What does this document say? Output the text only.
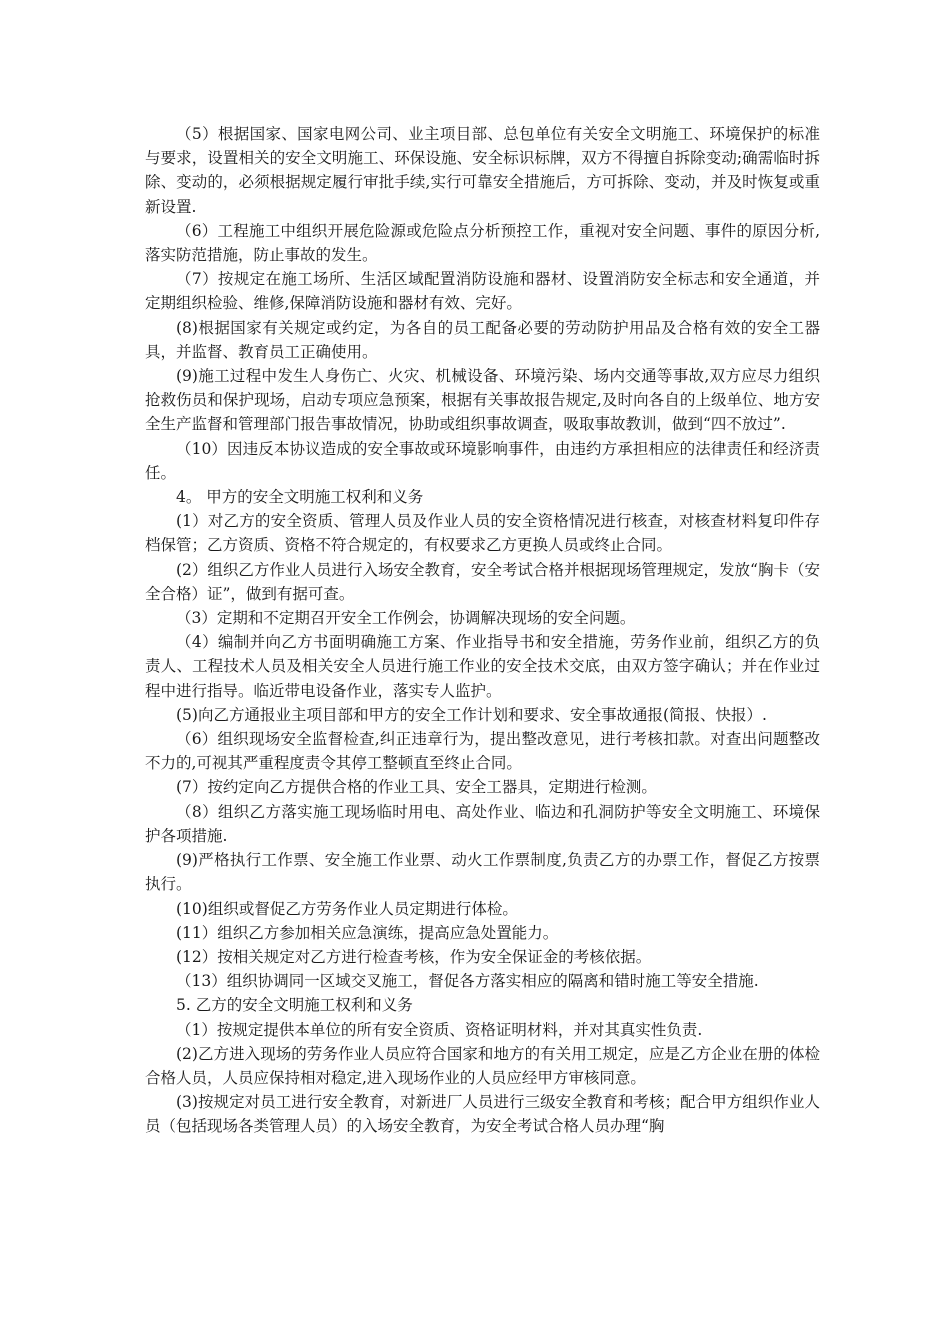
（5）根据国家、国家电网公司、业主项目部、总包单位有关安全文明施工、环境保护的标准与要求，设置相关的安全文明施工、环保设施、安全标识标牌，双方不得擅自拆除变动;确需临时拆除、变动的，必须根据规定履行审批手续,实行可靠安全措施后，方可拆除、变动，并及时恢复或重新设置.

（6）工程施工中组织开展危险源或危险点分析预控工作，重视对安全问题、事件的原因分析,落实防范措施，防止事故的发生。

（7）按规定在施工场所、生活区域配置消防设施和器材、设置消防安全标志和安全通道，并定期组织检验、维修,保障消防设施和器材有效、完好。

(8)根据国家有关规定或约定，为各自的员工配备必要的劳动防护用品及合格有效的安全工器具，并监督、教育员工正确使用。

(9)施工过程中发生人身伤亡、火灾、机械设备、环境污染、场内交通等事故,双方应尽力组织抢救伤员和保护现场，启动专项应急预案，根据有关事故报告规定,及时向各自的上级单位、地方安全生产监督和管理部门报告事故情况，协助或组织事故调查，吸取事故教训，做到“四不放过”.

（10）因违反本协议造成的安全事故或环境影响事件，由违约方承担相应的法律责任和经济责任。

4。 甲方的安全文明施工权利和义务

(1）对乙方的安全资质、管理人员及作业人员的安全资格情况进行核查，对核查材料复印件存档保管；乙方资质、资格不符合规定的，有权要求乙方更换人员或终止合同。

(2）组织乙方作业人员进行入场安全教育，安全考试合格并根据现场管理规定，发放“胸卡（安全合格）证”，做到有据可查。

（3）定期和不定期召开安全工作例会，协调解决现场的安全问题。

（4）编制并向乙方书面明确施工方案、作业指导书和安全措施，劳务作业前，组织乙方的负责人、工程技术人员及相关安全人员进行施工作业的安全技术交底，由双方签字确认；并在作业过程中进行指导。临近带电设备作业，落实专人监护。

(5)向乙方通报业主项目部和甲方的安全工作计划和要求、安全事故通报(简报、快报）.

（6）组织现场安全监督检查,纠正违章行为，提出整改意见，进行考核扣款。对查出问题整改不力的,可视其严重程度责令其停工整顿直至终止合同。

(7）按约定向乙方提供合格的作业工具、安全工器具，定期进行检测。

（8）组织乙方落实施工现场临时用电、高处作业、临边和孔洞防护等安全文明施工、环境保护各项措施.

(9)严格执行工作票、安全施工作业票、动火工作票制度,负责乙方的办票工作，督促乙方按票执行。

(10)组织或督促乙方劳务作业人员定期进行体检。

(11）组织乙方参加相关应急演练，提高应急处置能力。

(12）按相关规定对乙方进行检查考核，作为安全保证金的考核依据。

（13）组织协调同一区域交叉施工，督促各方落实相应的隔离和错时施工等安全措施.

5. 乙方的安全文明施工权利和义务

（1）按规定提供本单位的所有安全资质、资格证明材料，并对其真实性负责.

(2)乙方进入现场的劳务作业人员应符合国家和地方的有关用工规定，应是乙方企业在册的体检合格人员，人员应保持相对稳定,进入现场作业的人员应经甲方审核同意。

(3)按规定对员工进行安全教育，对新进厂人员进行三级安全教育和考核；配合甲方组织作业人员（包括现场各类管理人员）的入场安全教育，为安全考试合格人员办理“胸
